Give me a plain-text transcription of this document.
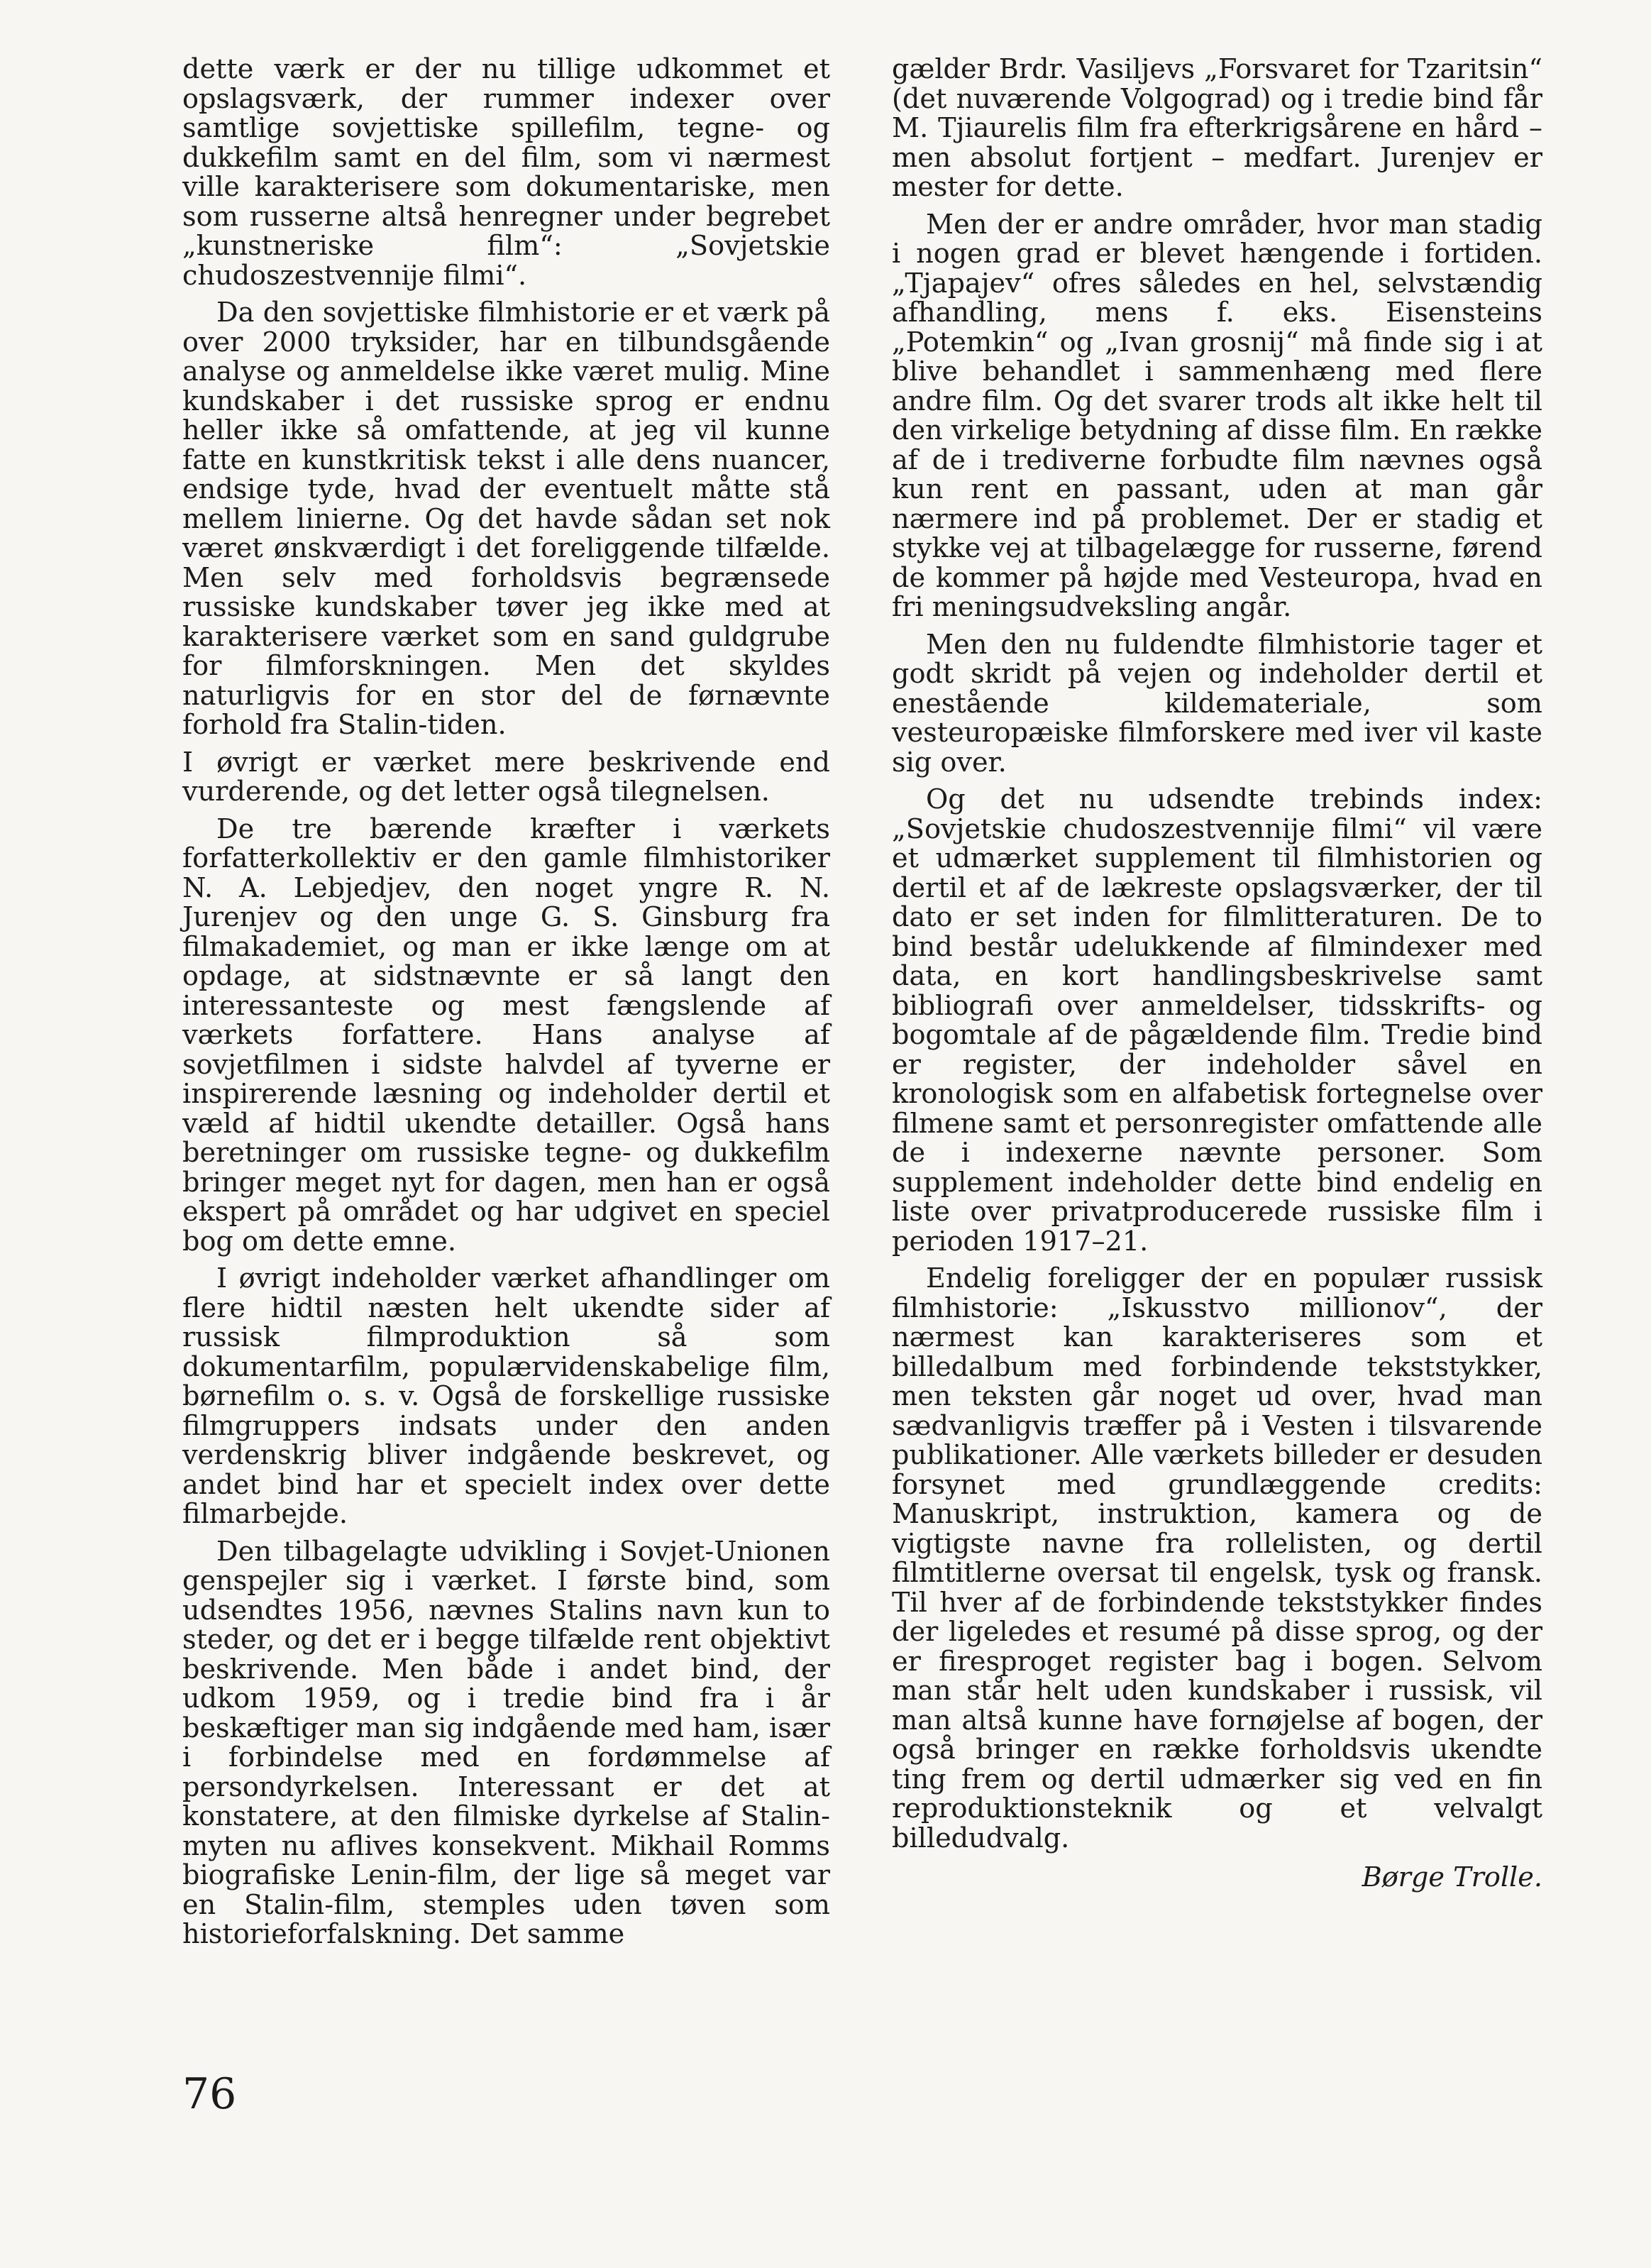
dette værk er der nu tillige udkommet et opslagsværk, der rummer indexer over samtlige sovjettiske spillefilm, tegne- og dukkefilm samt en del film, som vi nærmest ville karakterisere som dokumentariske, men som russerne altså henregner under begrebet „kunstneriske film“: „Sovjetskie chudoszestvennije filmi“.

Da den sovjettiske filmhistorie er et værk på over 2000 tryksider, har en tilbundsgående analyse og anmeldelse ikke været mulig. Mine kundskaber i det russiske sprog er endnu heller ikke så omfattende, at jeg vil kunne fatte en kunstkritisk tekst i alle dens nuancer, endsige tyde, hvad der eventuelt måtte stå mellem linierne. Og det havde sådan set nok været ønskværdigt i det foreliggende tilfælde. Men selv med forholdsvis begrænsede russiske kundskaber tøver jeg ikke med at karakterisere værket som en sand guldgrube for filmforskningen. Men det skyldes naturligvis for en stor del de førnævnte forhold fra Stalin-tiden.

I øvrigt er værket mere beskrivende end vurderende, og det letter også tilegnelsen.

De tre bærende kræfter i værkets forfatterkollektiv er den gamle filmhistoriker N. A. Lebjedjev, den noget yngre R. N. Jurenjev og den unge G. S. Ginsburg fra filmakademiet, og man er ikke længe om at opdage, at sidstnævnte er så langt den interessanteste og mest fængslende af værkets forfattere. Hans analyse af sovjetfilmen i sidste halvdel af tyverne er inspirerende læsning og indeholder dertil et væld af hidtil ukendte detailler. Også hans beretninger om russiske tegne- og dukkefilm bringer meget nyt for dagen, men han er også ekspert på området og har udgivet en speciel bog om dette emne.

I øvrigt indeholder værket afhandlinger om flere hidtil næsten helt ukendte sider af russisk filmproduktion så som dokumentarfilm, populærvidenskabelige film, børnefilm o. s. v. Også de forskellige russiske filmgruppers indsats under den anden verdenskrig bliver indgående beskrevet, og andet bind har et specielt index over dette filmarbejde.

Den tilbagelagte udvikling i Sovjet-Unionen genspejler sig i værket. I første bind, som udsendtes 1956, nævnes Stalins navn kun to steder, og det er i begge tilfælde rent objektivt beskrivende. Men både i andet bind, der udkom 1959, og i tredie bind fra i år beskæftiger man sig indgående med ham, især i forbindelse med en fordømmelse af persondyrkelsen. Interessant er det at konstatere, at den filmiske dyrkelse af Stalin-myten nu aflives konsekvent. Mikhail Romms biografiske Lenin-film, der lige så meget var en Stalin-film, stemples uden tøven som historieforfalskning. Det samme

gælder Brdr. Vasiljevs „Forsvaret for Tzaritsin“ (det nuværende Volgograd) og i tredie bind får M. Tjiaurelis film fra efterkrigsårene en hård – men absolut fortjent – medfart. Jurenjev er mester for dette.

Men der er andre områder, hvor man stadig i nogen grad er blevet hængende i fortiden. „Tjapajev“ ofres således en hel, selvstændig afhandling, mens f. eks. Eisensteins „Potemkin“ og „Ivan grosnij“ må finde sig i at blive behandlet i sammenhæng med flere andre film. Og det svarer trods alt ikke helt til den virkelige betydning af disse film. En række af de i trediverne forbudte film nævnes også kun rent en passant, uden at man går nærmere ind på problemet. Der er stadig et stykke vej at tilbagelægge for russerne, førend de kommer på højde med Vesteuropa, hvad en fri meningsudveksling angår.

Men den nu fuldendte filmhistorie tager et godt skridt på vejen og indeholder dertil et enestående kildemateriale, som vesteuropæiske filmforskere med iver vil kaste sig over.

Og det nu udsendte trebinds index: „Sovjetskie chudoszestvennije filmi“ vil være et udmærket supplement til filmhistorien og dertil et af de lækreste opslagsværker, der til dato er set inden for filmlitteraturen. De to bind består udelukkende af filmindexer med data, en kort handlingsbeskrivelse samt bibliografi over anmeldelser, tidsskrifts- og bogomtale af de pågældende film. Tredie bind er register, der indeholder såvel en kronologisk som en alfabetisk fortegnelse over filmene samt et personregister omfattende alle de i indexerne nævnte personer. Som supplement indeholder dette bind endelig en liste over privatproducerede russiske film i perioden 1917–21.

Endelig foreligger der en populær russisk filmhistorie: „Iskusstvo millionov“, der nærmest kan karakteriseres som et billedalbum med forbindende tekststykker, men teksten går noget ud over, hvad man sædvanligvis træffer på i Vesten i tilsvarende publikationer. Alle værkets billeder er desuden forsynet med grundlæggende credits: Manuskript, instruktion, kamera og de vigtigste navne fra rollelisten, og dertil filmtitlerne oversat til engelsk, tysk og fransk. Til hver af de forbindende tekststykker findes der ligeledes et resumé på disse sprog, og der er firesproget register bag i bogen. Selvom man står helt uden kundskaber i russisk, vil man altså kunne have fornøjelse af bogen, der også bringer en række forholdsvis ukendte ting frem og dertil udmærker sig ved en fin reproduktionsteknik og et velvalgt billedudvalg.

Børge Trolle.
76
